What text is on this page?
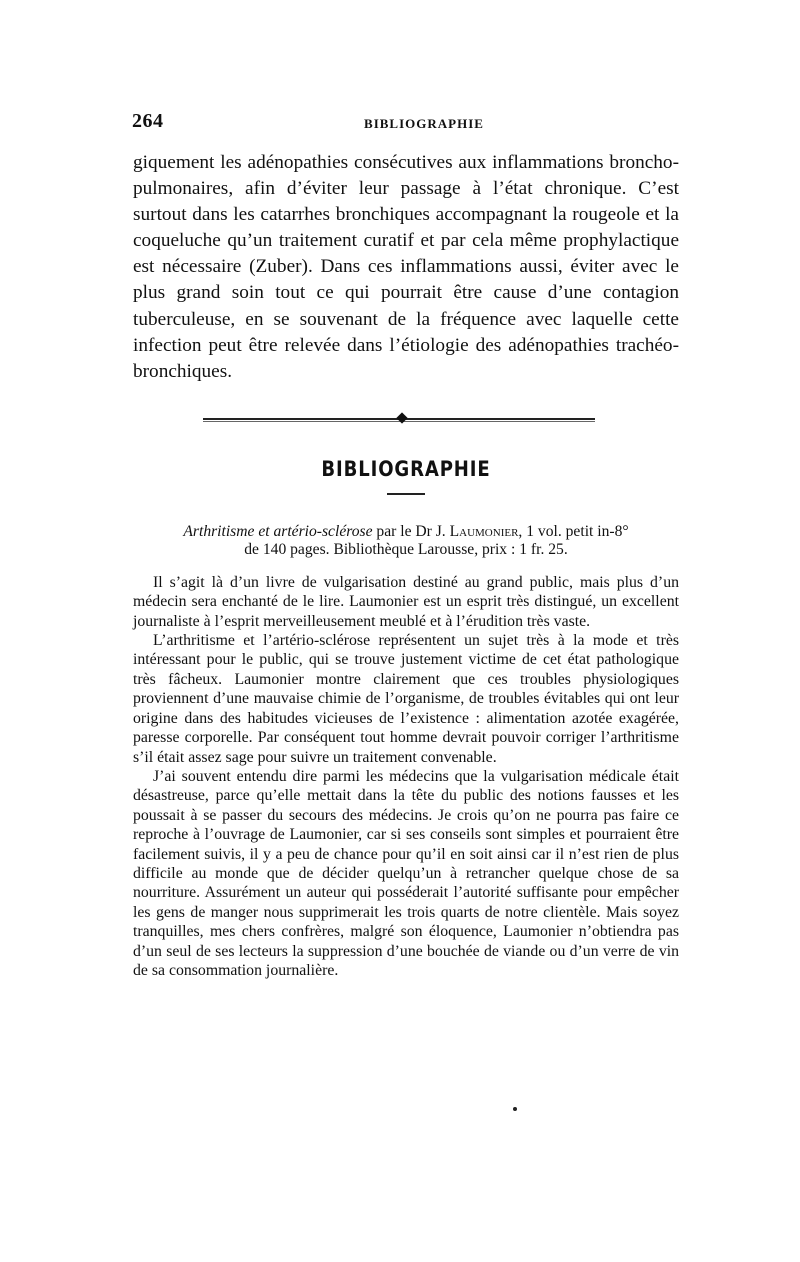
264	BIBLIOGRAPHIE

giquement les adénopathies consécutives aux inflammations broncho-pulmonaires, afin d’éviter leur passage à l’état chronique. C’est surtout dans les catarrhes bronchiques accompagnant la rougeole et la coqueluche qu’un traitement curatif et par cela même prophylactique est nécessaire (Zuber). Dans ces inflammations aussi, éviter avec le plus grand soin tout ce qui pourrait être cause d’une contagion tuberculeuse, en se souvenant de la fréquence avec laquelle cette infection peut être relevée dans l’étiologie des adénopathies trachéo-bronchiques.

BIBLIOGRAPHIE
Arthritisme et artério-sclérose par le Dr J. Laumonier, 1 vol. petit in-8°
de 140 pages. Bibliothèque Larousse, prix : 1 fr. 25.

Il s’agit là d’un livre de vulgarisation destiné au grand public, mais plus d’un médecin sera enchanté de le lire. Laumonier est un esprit très distingué, un excellent journaliste à l’esprit merveilleusement meublé et à l’érudition très vaste.

L’arthritisme et l’artério-sclérose représentent un sujet très à la mode et très intéressant pour le public, qui se trouve justement victime de cet état pathologique très fâcheux. Laumonier montre clairement que ces troubles physiologiques proviennent d’une mauvaise chimie de l’organisme, de troubles évitables qui ont leur origine dans des habitudes vicieuses de l’existence : alimentation azotée exagérée, paresse corporelle. Par conséquent tout homme devrait pouvoir corriger l’arthritisme s’il était assez sage pour suivre un traitement convenable.

J’ai souvent entendu dire parmi les médecins que la vulgarisation médicale était désastreuse, parce qu’elle mettait dans la tête du public des notions fausses et les poussait à se passer du secours des médecins. Je crois qu’on ne pourra pas faire ce reproche à l’ouvrage de Laumonier, car si ses conseils sont simples et pourraient être facilement suivis, il y a peu de chance pour qu’il en soit ainsi car il n’est rien de plus difficile au monde que de décider quelqu’un à retrancher quelque chose de sa nourriture. Assurément un auteur qui posséderait l’autorité suffisante pour empêcher les gens de manger nous supprimerait les trois quarts de notre clientèle. Mais soyez tranquilles, mes chers confrères, malgré son éloquence, Laumonier n’obtiendra pas d’un seul de ses lecteurs la suppression d’une bouchée de viande ou d’un verre de vin de sa consommation journalière.
